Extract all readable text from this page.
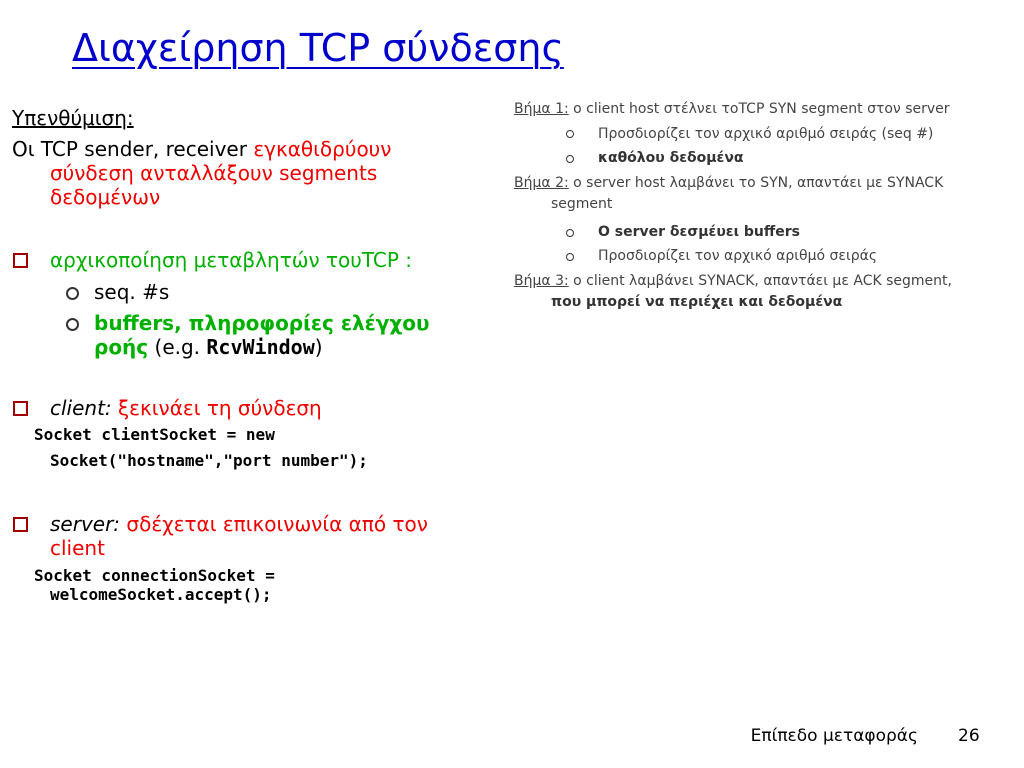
Διαχείρηση TCP σύνδεσης
Υπενθύμιση:
Οι TCP sender, receiver εγκαθιδρύουν
σύνδεση ανταλλάξουν segments
δεδομένων
αρχικοποίηση μεταβλητών τουTCP :
seq. #s
buffers, πληροφορίες ελέγχου
ροής (e.g. RcvWindow)
client: ξεκινάει τη σύνδεση
Socket clientSocket = new
Socket("hostname","port number");
server: σδέχεται επικοινωνία από τον
client
Socket connectionSocket =
welcomeSocket.accept();
Βήμα 1: ο client host στέλνει τοTCP SYN segment στον server
Προσδιορίζει τον αρχικό αριθμό σειράς (seq #)
καθόλου δεδομένα
Βήμα 2: ο server host λαμβάνει το SYN, απαντάει με SYNACK
segment
Ο server δεσμέυει buffers
Προσδιορίζει τον αρχικό αριθμό σειράς
Βήμα 3: ο client λαμβάνει SYNACK, απαντάει με ACK segment,
που μπορεί να περιέχει και δεδομένα
Επίπεδο μεταφοράς 26
